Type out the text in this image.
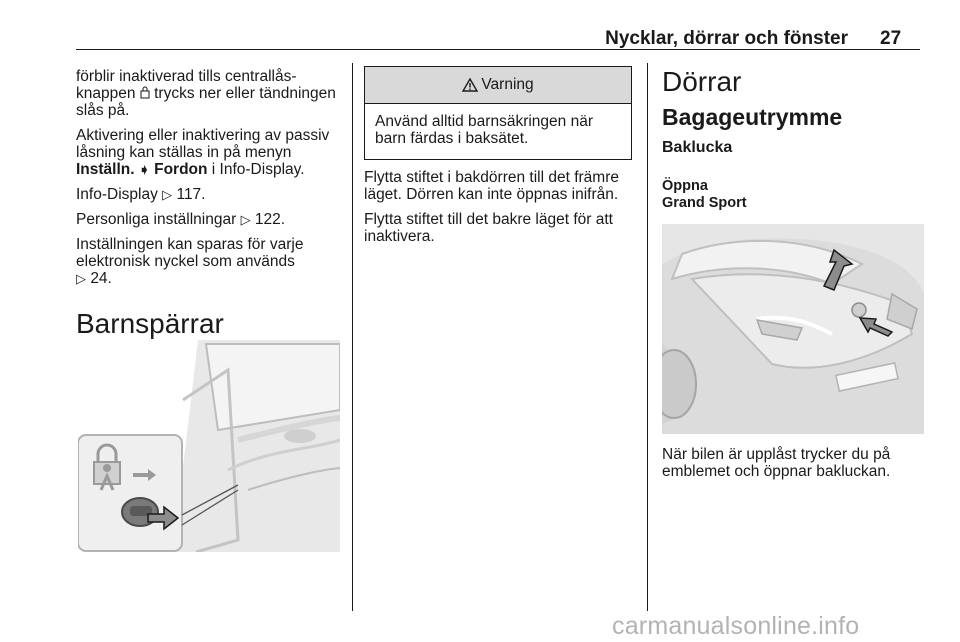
Nycklar, dörrar och fönster 27

förblir inaktiverad tills centrallås-
knappen trycks ner eller tändningen
slås på.

Aktivering eller inaktivering av passiv låsning kan ställas in på menyn Inställn. ➧ Fordon i Info-Display.

Info-Display ▷ 117.

Personliga inställningar ▷ 122.

Inställningen kan sparas för varje elektronisk nyckel som används
▷ 24.

Barnspärrar
Varning
Använd alltid barnsäkringen när barn färdas i baksätet.

Flytta stiftet i bakdörren till det främre läget. Dörren kan inte öppnas inifrån.

Flytta stiftet till det bakre läget för att inaktivera.

Dörrar
Bagageutrymme
Baklucka
Öppna
Grand Sport

När bilen är upplåst trycker du på emblemet och öppnar bakluckan.

carmanualsonline.info
